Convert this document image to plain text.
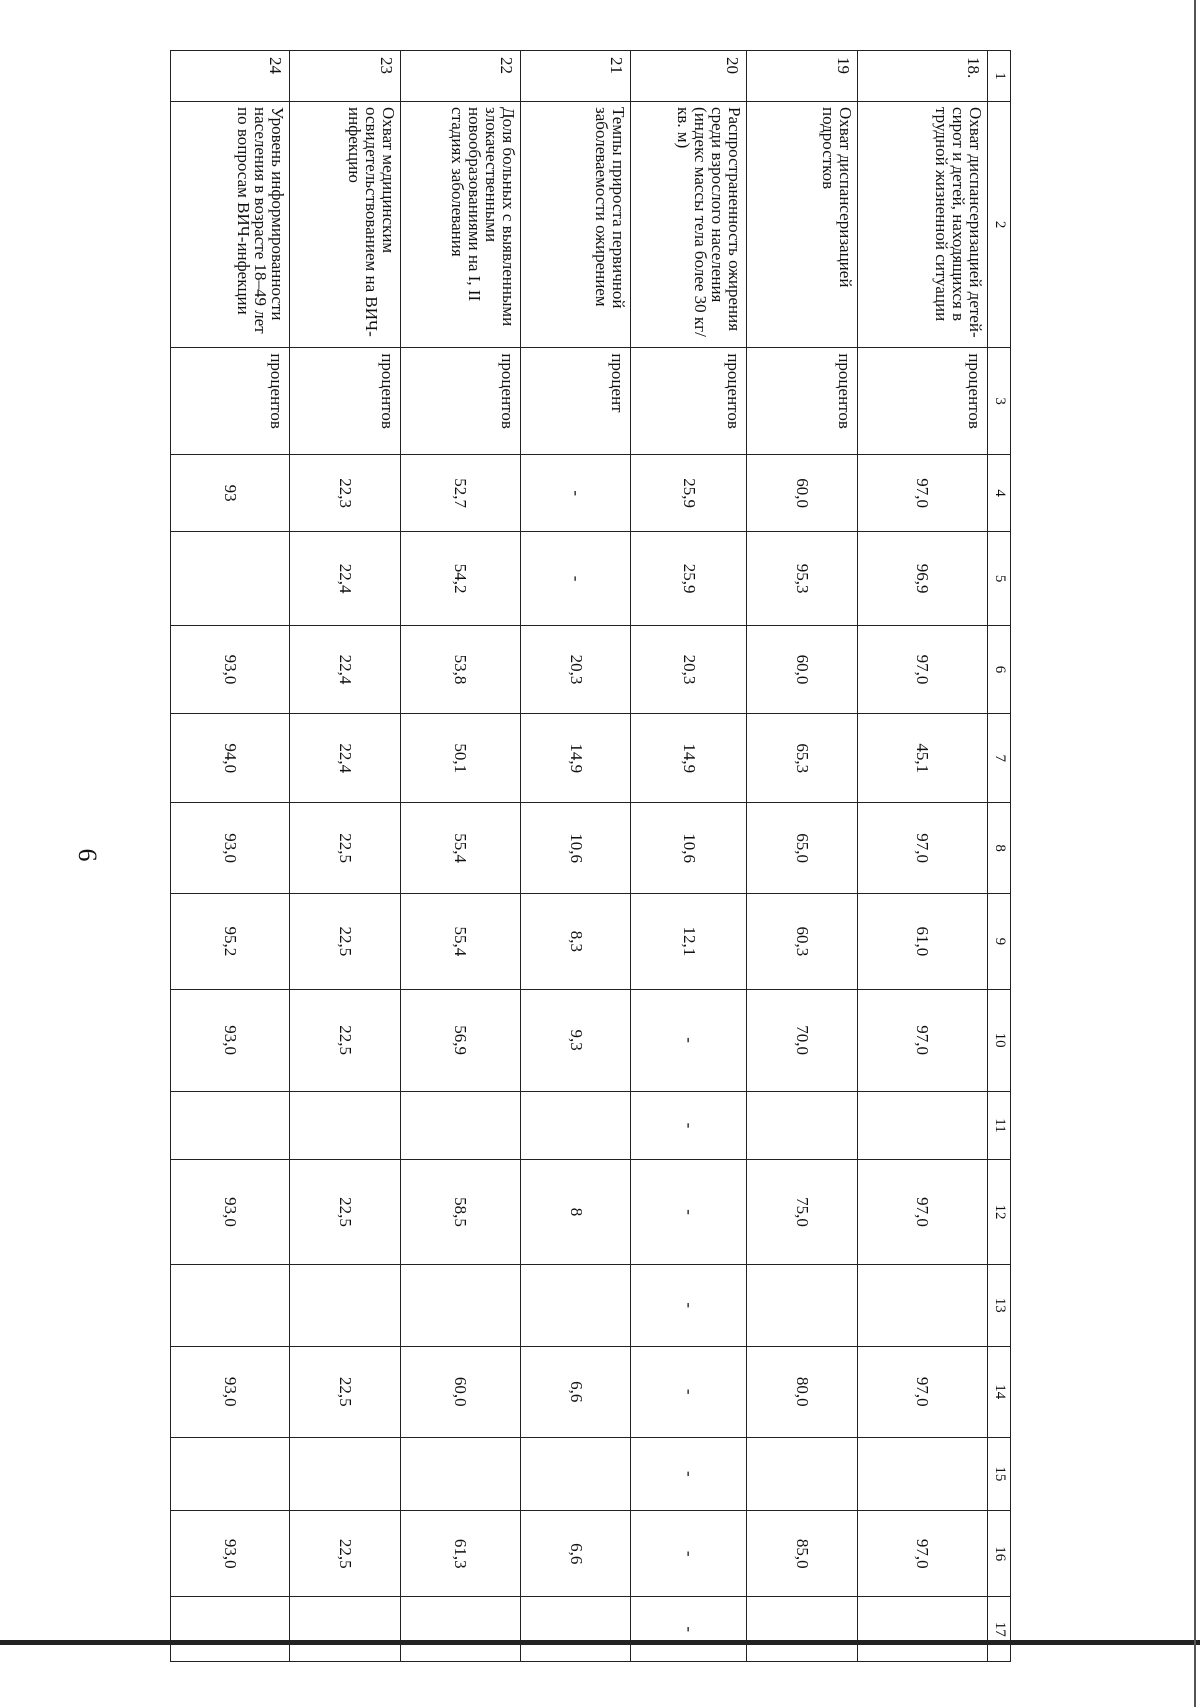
6
1	2	3	4	5	6	7	8	9	10	11	12	13	14	15	16	17
18.	Охват диспансеризацией детей-сирот и детей, находящихся в трудной жизненной ситуации	процентов	97,0	96,9	97,0	45,1	97,0	61,0	97,0		97,0		97,0		97,0	
19	Охват диспансеризацией подростков	процентов	60,0	95,3	60,0	65,3	65,0	60,3	70,0		75,0		80,0		85,0	
20	Распространенность ожирения среди взрослого населения (индекс массы тела более 30 кг/кв. м)	процентов	25,9	25,9	20,3	14,9	10,6	12,1	-	-	-	-	-	-	-	-
21	Темпы прироста первичной заболеваемости ожирением	процент	-	-	20,3	14,9	10,6	8,3	9,3		8		6,6		6,6	
22	Доля больных с выявленными злокачественными новообразованиями на I, II стадиях заболевания	процентов	52,7	54,2	53,8	50,1	55,4	55,4	56,9		58,5		60,0		61,3	
23	Охват медицинским освидетельствованием на ВИЧ-инфекцию	процентов	22,3	22,4	22,4	22,4	22,5	22,5	22,5		22,5		22,5		22,5	
24	Уровень информированности населения в возрасте 18–49 лет по вопросам ВИЧ-инфекции	процентов	93		93,0	94,0	93,0	95,2	93,0		93,0		93,0		93,0	
